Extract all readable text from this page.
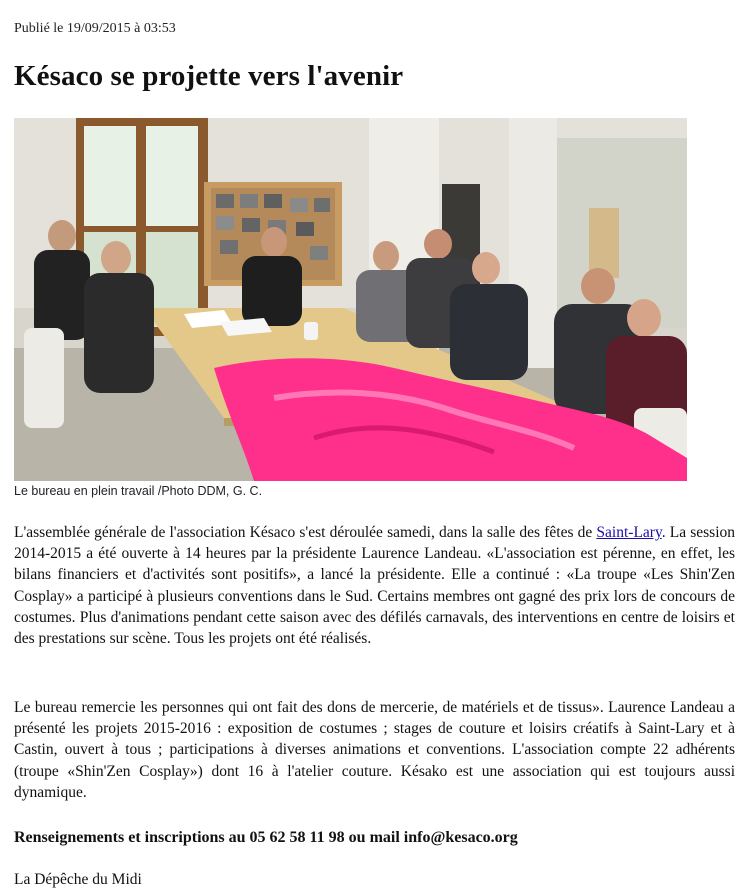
Publié le 19/09/2015 à 03:53
Késaco se projette vers l'avenir
Le bureau en plein travail /Photo DDM, G. C.
L'assemblée générale de l'association Késaco s'est déroulée samedi, dans la salle des fêtes de Saint-Lary. La session 2014-2015 a été ouverte à 14 heures par la présidente Laurence Landeau. «L'association est pérenne, en effet, les bilans financiers et d'activités sont positifs», a lancé la présidente. Elle a continué : «La troupe «Les Shin'Zen Cosplay» a participé à plusieurs conventions dans le Sud. Certains membres ont gagné des prix lors de concours de costumes. Plus d'animations pendant cette saison avec des défilés carnavals, des interventions en centre de loisirs et des prestations sur scène. Tous les projets ont été réalisés.
Le bureau remercie les personnes qui ont fait des dons de mercerie, de matériels et de tissus». Laurence Landeau a présenté les projets 2015-2016 : exposition de costumes ; stages de couture et loisirs créatifs à Saint-Lary et à Castin, ouvert à tous ; participations à diverses animations et conventions. L'association compte 22 adhérents (troupe «Shin'Zen Cosplay») dont 16 à l'atelier couture. Késako est une association qui est toujours aussi dynamique.
Renseignements et inscriptions au 05 62 58 11 98 ou mail info@kesaco.org
La Dépêche du Midi
